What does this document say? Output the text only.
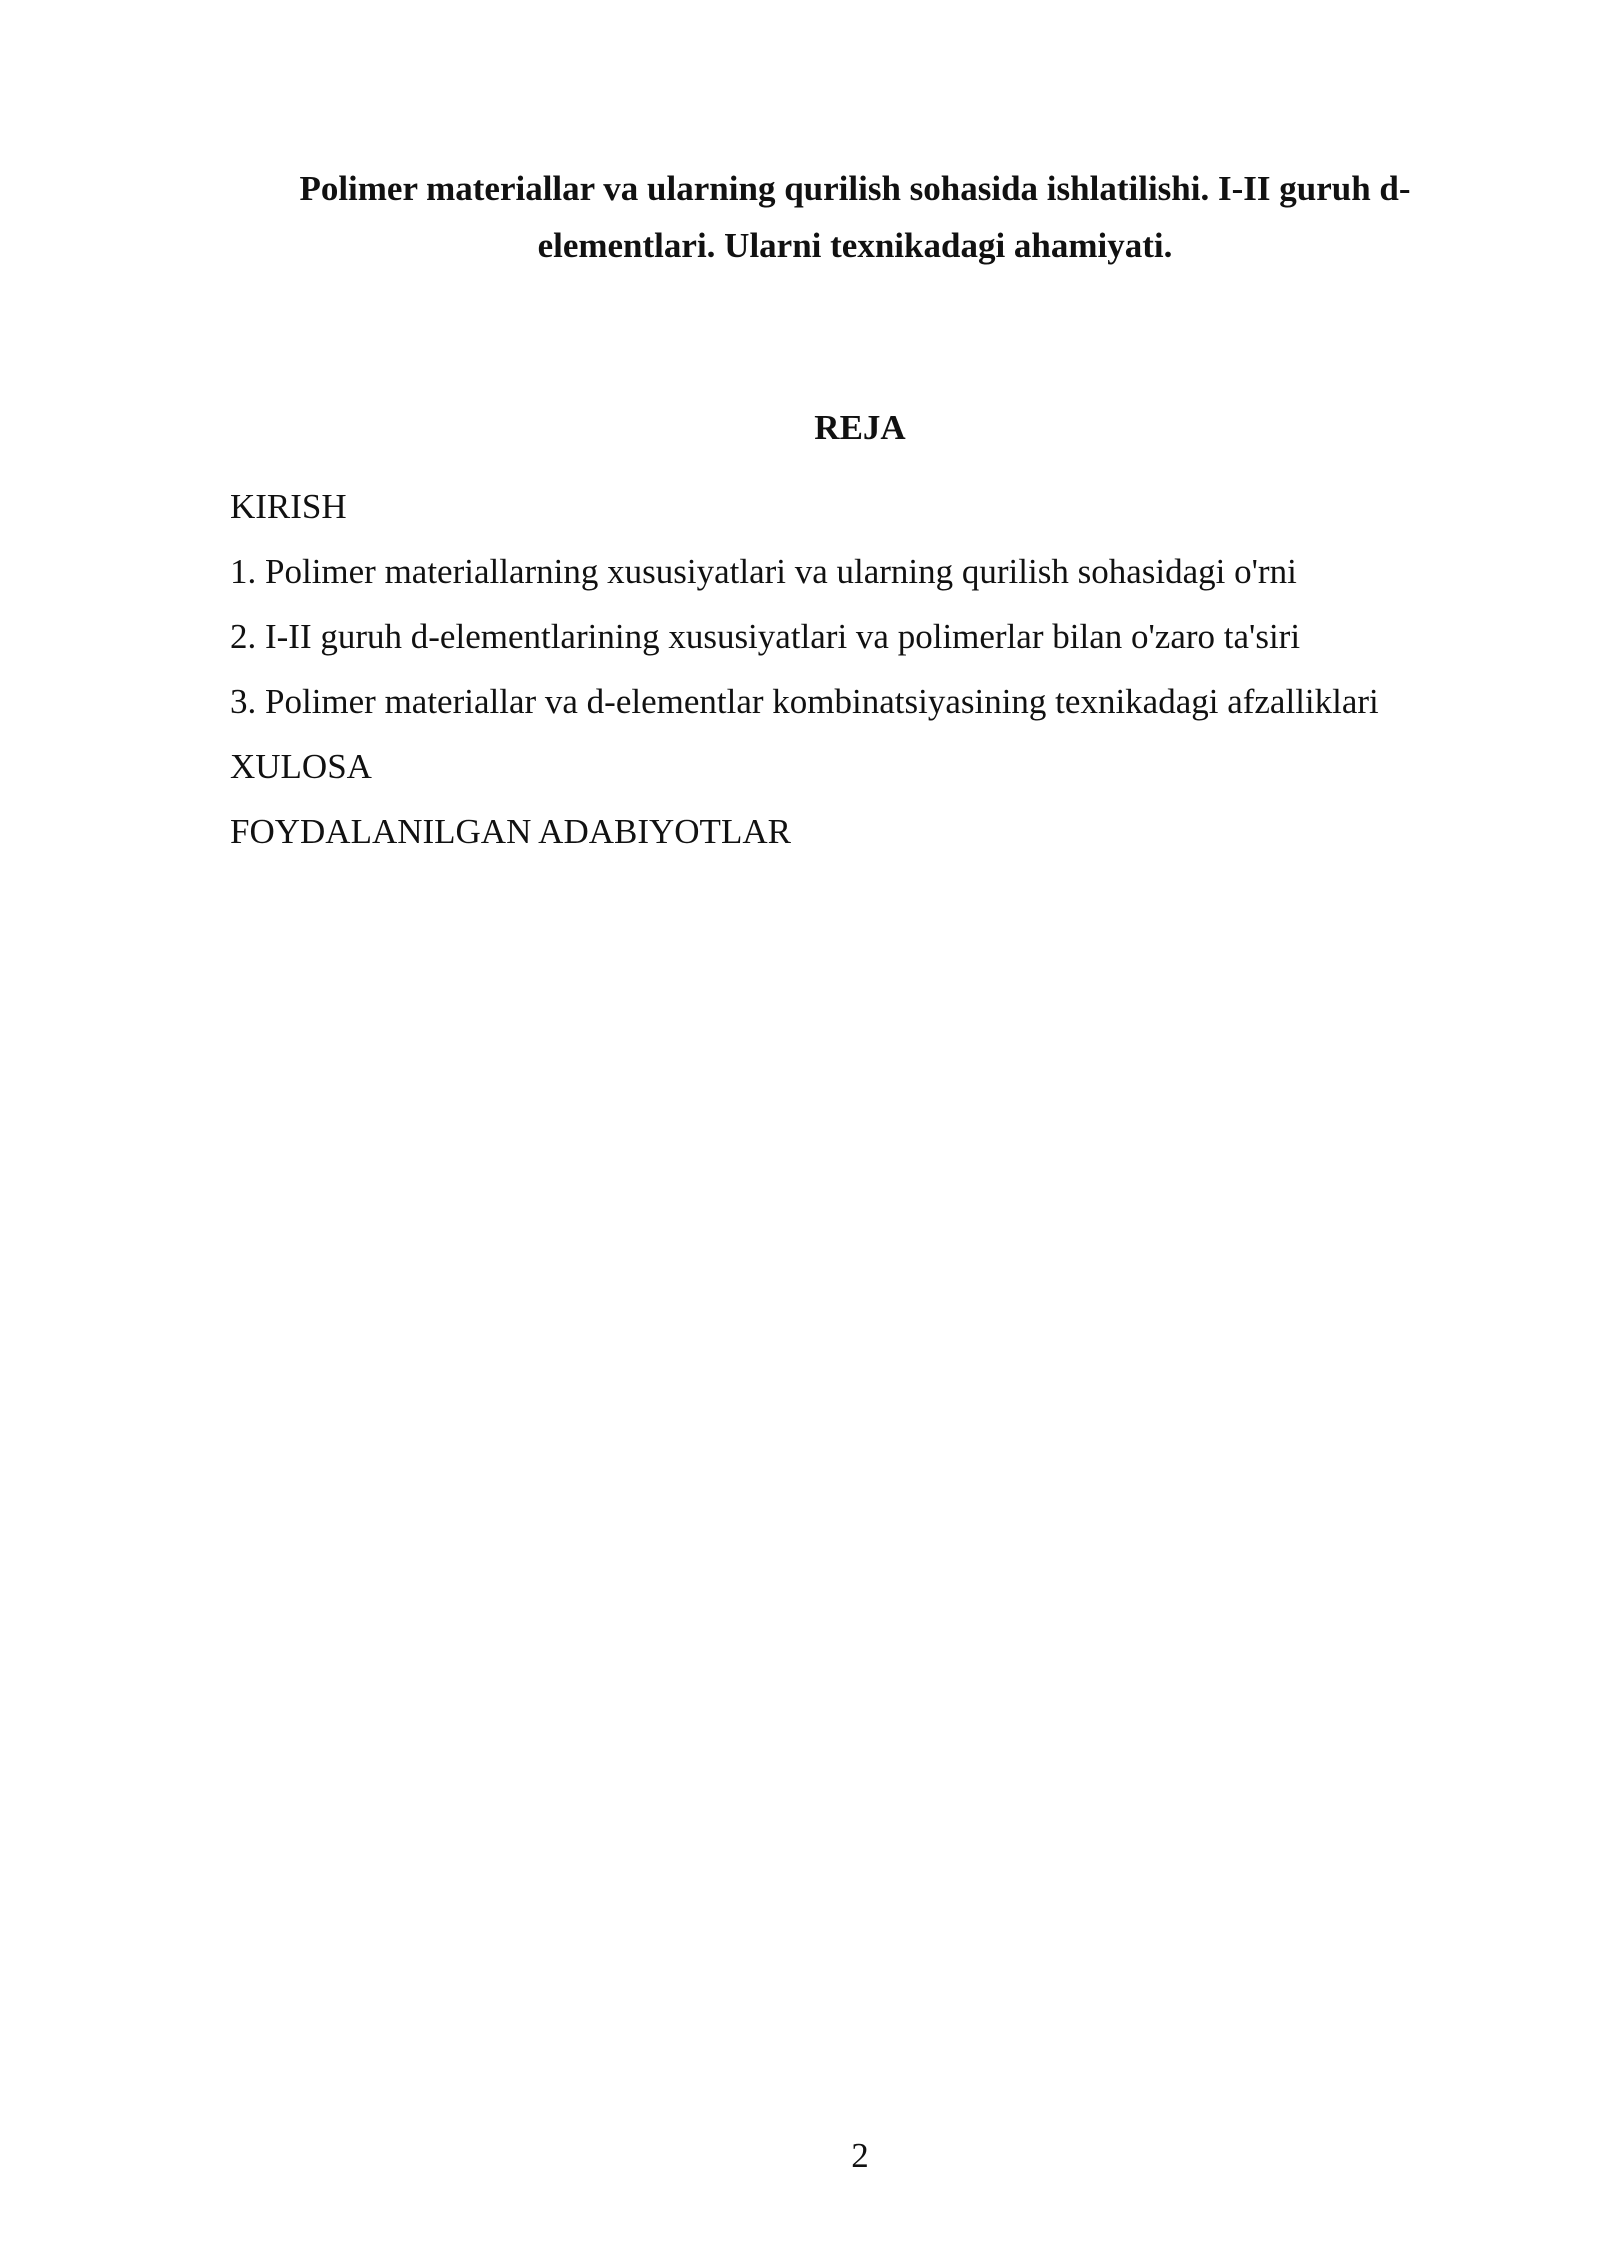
Polimer materiallar va ularning qurilish sohasida ishlatilishi. I-II guruh d-elementlari. Ularni texnikadagi ahamiyati.
REJA
KIRISH
1. Polimer materiallarning xususiyatlari va ularning qurilish sohasidagi o'rni
2. I-II guruh d-elementlarining xususiyatlari va polimerlar bilan o'zaro ta'siri
3. Polimer materiallar va d-elementlar kombinatsiyasining texnikadagi afzalliklari
XULOSA
FOYDALANILGAN ADABIYOTLAR

2
